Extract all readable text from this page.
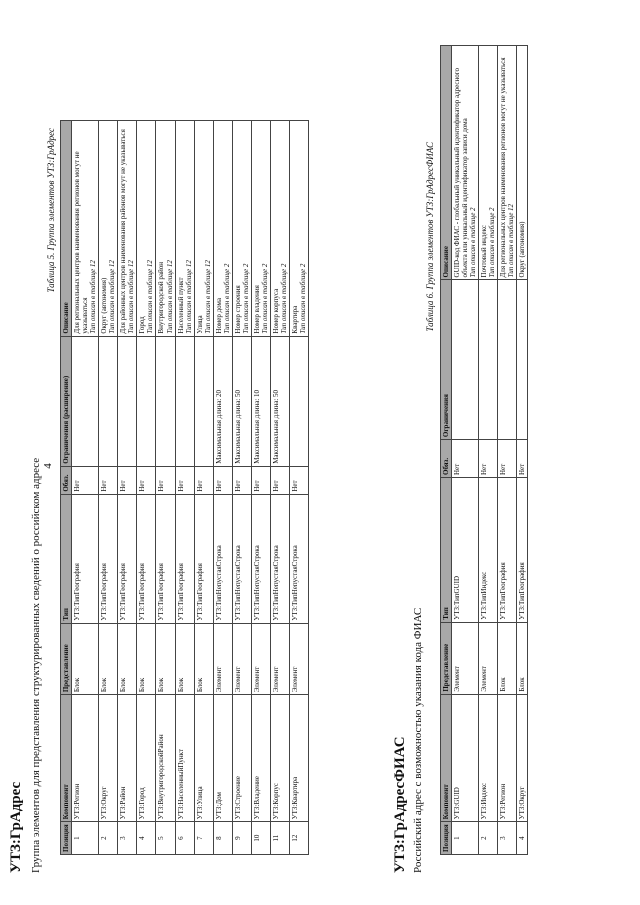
4
УТЗ:ГрАдрес Группа элементов для представления структурированных сведений о российском адресе
Таблица 5. Группа элементов УТЗ:ГрАдрес
Позиция	Компонент	Представление	Тип	Обяз.	Ограничения (расширение)	Описание
1	УТЗ:Регион	Блок	УТЗ:ТипГеография	Нет		Для региональных центров наименования регионов могут не указываться Тип описан в таблице 12

2	УТЗ:Округ	Блок	УТЗ:ТипГеография	Нет		Округ (автономия) Тип описан в таблице 12

3	УТЗ:Район	Блок	УТЗ:ТипГеография	Нет		Для районных центров наименования районов могут не указываться Тип описан в таблице 12

4	УТЗ:Город	Блок	УТЗ:ТипГеография	Нет		Город Тип описан в таблице 12

5	УТЗ:ВнутригородскойРайон	Блок	УТЗ:ТипГеография	Нет		Внутригородской район Тип описан в таблице 12

6	УТЗ:НаселенныйПункт	Блок	УТЗ:ТипГеография	Нет		Населенный пункт Тип описан в таблице 12

7	УТЗ:Улица	Блок	УТЗ:ТипГеография	Нет		Улица Тип описан в таблице 12

8	УТЗ:Дом	Элемент	УТЗ:ТипНепустаяСтрока	Нет	Максимальная длина: 20	Номер дома Тип описан в таблице 2

9	УТЗ:Строение	Элемент	УТЗ:ТипНепустаяСтрока	Нет	Максимальная длина: 50	Номер строения Тип описан в таблице 2

10	УТЗ:Владение	Элемент	УТЗ:ТипНепустаяСтрока	Нет	Максимальная длина: 10	Номер владения Тип описан в таблице 2

11	УТЗ:Корпус	Элемент	УТЗ:ТипНепустаяСтрока	Нет	Максимальная длина: 50	Номер корпуса Тип описан в таблице 2

12	УТЗ:Квартира	Элемент	УТЗ:ТипНепустаяСтрока	Нет		Квартира Тип описан в таблице 2
УТЗ:ГрАдресФИАС Российский адрес с возможностью указания кода ФИАС
Таблица 6. Группа элементов УТЗ:ГрАдресФИАС
Позиция	Компонент	Представление	Тип	Обяз.	Ограничения	Описание
1	УТЗ:GUID	Элемент	УТЗ:ТипGUID	Нет		GUID-код ФИАС - глобальный уникальный идентификатор адресного объекта или уникальный идентификатор записи дома Тип описан в таблице 2

2	УТЗ:Индекс	Элемент	УТЗ:ТипИндекс	Нет		Почтовый индекс Тип описан в таблице 2

3	УТЗ:Регион	Блок	УТЗ:ТипГеография	Нет		Для региональных центров наименования регионов могут не указываться Тип описан в таблице 12

4	УТЗ:Округ	Блок	УТЗ:ТипГеография	Нет		Округ (автономия)
